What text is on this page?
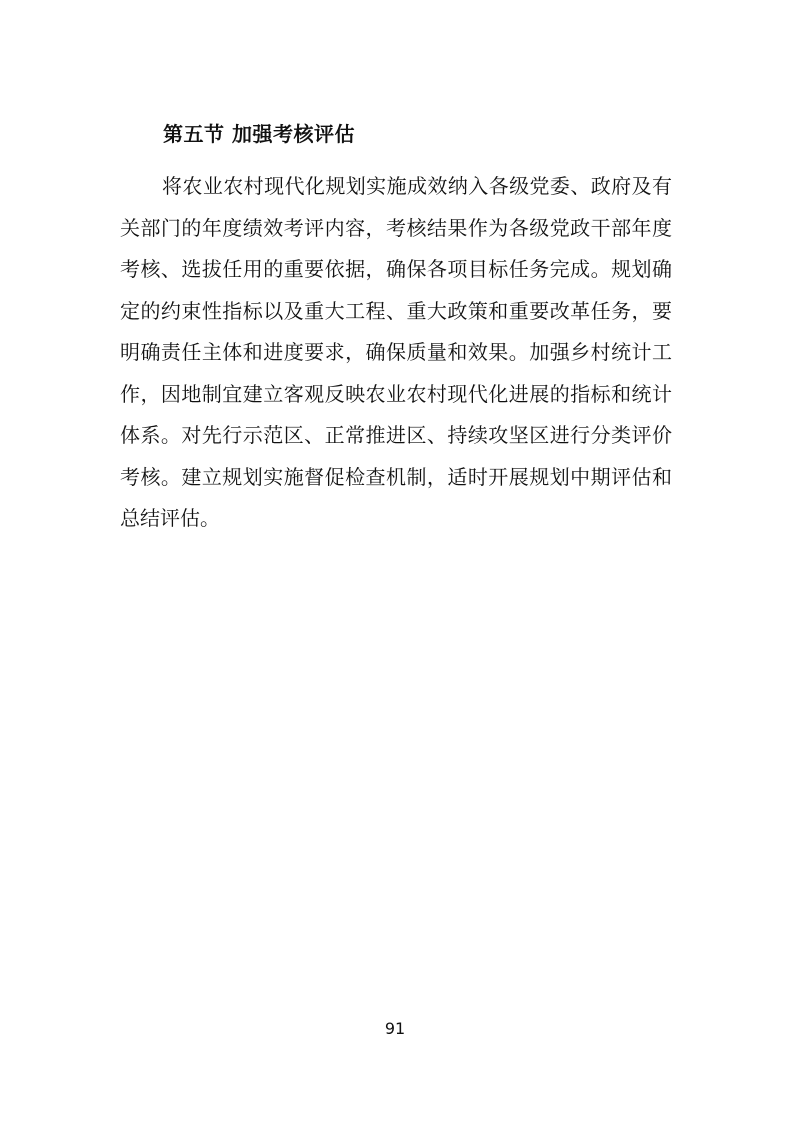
第五节 加强考核评估
将农业农村现代化规划实施成效纳入各级党委、政府及有
关部门的年度绩效考评内容，考核结果作为各级党政干部年度
考核、选拔任用的重要依据，确保各项目标任务完成。规划确
定的约束性指标以及重大工程、重大政策和重要改革任务，要
明确责任主体和进度要求，确保质量和效果。加强乡村统计工
作，因地制宜建立客观反映农业农村现代化进展的指标和统计
体系。对先行示范区、正常推进区、持续攻坚区进行分类评价
考核。建立规划实施督促检查机制，适时开展规划中期评估和
总结评估。

91
